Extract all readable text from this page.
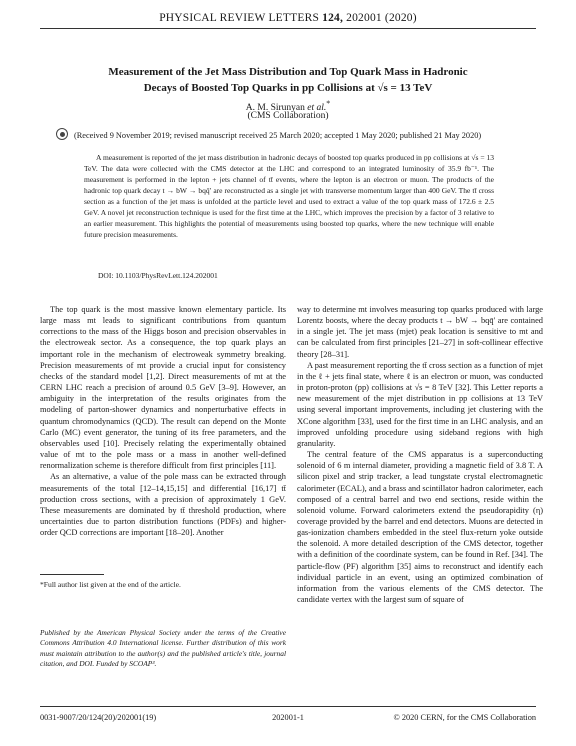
PHYSICAL REVIEW LETTERS 124, 202001 (2020)
Measurement of the Jet Mass Distribution and Top Quark Mass in Hadronic
Decays of Boosted Top Quarks in pp Collisions at √s = 13 TeV
A. M. Sirunyan et al.*
(CMS Collaboration)
(Received 9 November 2019; revised manuscript received 25 March 2020; accepted 1 May 2020; published 21 May 2020)
A measurement is reported of the jet mass distribution in hadronic decays of boosted top quarks produced in pp collisions at √s = 13 TeV. The data were collected with the CMS detector at the LHC and correspond to an integrated luminosity of 35.9 fb⁻¹. The measurement is performed in the lepton + jets channel of tt̄ events, where the lepton is an electron or muon. The products of the hadronic top quark decay t → bW → bqq̄′ are reconstructed as a single jet with transverse momentum larger than 400 GeV. The tt̄ cross section as a function of the jet mass is unfolded at the particle level and used to extract a value of the top quark mass of 172.6 ± 2.5 GeV. A novel jet reconstruction technique is used for the first time at the LHC, which improves the precision by a factor of 3 relative to an earlier measurement. This highlights the potential of measurements using boosted top quarks, where the new technique will enable future precision measurements.
DOI: 10.1103/PhysRevLett.124.202001

The top quark is the most massive known elementary particle. Its large mass mt leads to significant contributions from quantum corrections to the mass of the Higgs boson and precision observables in the electroweak sector. As a consequence, the top quark plays an important role in the mechanism of electroweak symmetry breaking. Precision measurements of mt provide a crucial input for consistency checks of the standard model [1,2]. Direct measurements of mt at the CERN LHC reach a precision of around 0.5 GeV [3–9]. However, an ambiguity in the interpretation of the results originates from the modeling of parton-shower dynamics and nonperturbative effects in quantum chromodynamics (QCD). The result can depend on the Monte Carlo (MC) event generator, the tuning of its free parameters, and the observables used [10]. Precisely relating the experimentally obtained value of mt to the pole mass or a mass in another well-defined renormalization scheme is therefore difficult from first principles [11].

As an alternative, a value of the pole mass can be extracted through measurements of the total [12–14,15,15] and differential [16,17] tt̄ production cross sections, with a precision of approximately 1 GeV. These measurements are dominated by tt̄ threshold production, where uncertainties due to parton distribution functions (PDFs) and higher-order QCD corrections are important [18–20]. Another

way to determine mt involves measuring top quarks produced with large Lorentz boosts, where the decay products t → bW → bqq̄′ are contained in a single jet. The jet mass (mjet) peak location is sensitive to mt and can be calculated from first principles [21–27] in soft-collinear effective theory [28–31].

A past measurement reporting the tt̄ cross section as a function of mjet in the ℓ + jets final state, where ℓ is an electron or muon, was conducted in proton-proton (pp) collisions at √s = 8 TeV [32]. This Letter reports a new measurement of the mjet distribution in pp collisions at 13 TeV using several important improvements, including jet clustering with the XCone algorithm [33], used for the first time in an LHC analysis, and an improved unfolding procedure using sideband regions with high granularity.

The central feature of the CMS apparatus is a superconducting solenoid of 6 m internal diameter, providing a magnetic field of 3.8 T. A silicon pixel and strip tracker, a lead tungstate crystal electromagnetic calorimeter (ECAL), and a brass and scintillator hadron calorimeter, each composed of a central barrel and two end sections, reside within the solenoid volume. Forward calorimeters extend the pseudorapidity (η) coverage provided by the barrel and end detectors. Muons are detected in gas-ionization chambers embedded in the steel flux-return yoke outside the solenoid. A more detailed description of the CMS detector, together with a definition of the coordinate system, can be found in Ref. [34]. The particle-flow (PF) algorithm [35] aims to reconstruct and identify each individual particle in an event, using an optimized combination of information from the various elements of the CMS detector. The candidate vertex with the largest sum of square of

*Full author list given at the end of the article.
Published by the American Physical Society under the terms of the Creative Commons Attribution 4.0 International license. Further distribution of this work must maintain attribution to the author(s) and the published article's title, journal citation, and DOI. Funded by SCOAP³.
0031-9007/20/124(20)/202001(19)	202001-1	© 2020 CERN, for the CMS Collaboration
